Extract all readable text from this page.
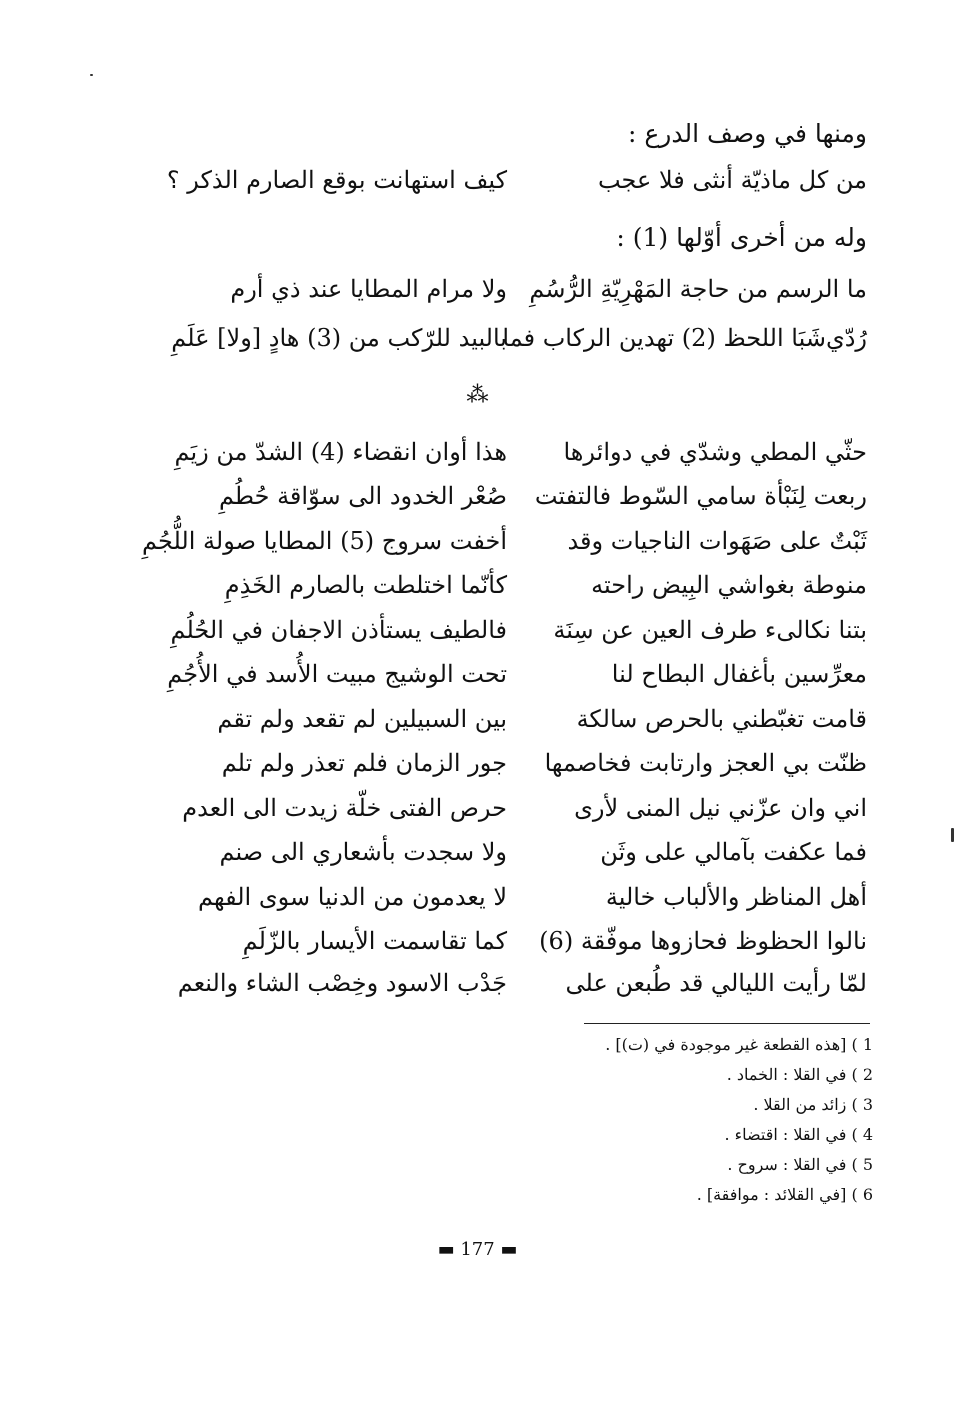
ومنها في وصف الدرع :
من كل ماذيّة أنثى فلا عجب
كيف استهانت بوقع الصارم الذكر ؟
وله من أخرى أوّلها (1) :
ما الرسم من حاجة المَهْرِيّةِ الرُّسُمِ
ولا مرام المطايا عند ذي أرم
رُدّي‌شَبَا اللحظ (2) تهدين الركاب فما
بالبيد للرّكب من (3) هادٍ [ولا] عَلَمِ
⁂
حثّي المطي وشدّي في دوائرها
هذا أوان انقضاء (4) الشدّ من زيَمِ
ربعت لِنَبْأة سامي السّوط فالتفتت
صُعْر الخدود الى سوّاقة حُطُمِ
ثَبْتٌ على صَهَوات الناجيات وقد
أخفت سروج (5) المطايا صولة اللُّجُمِ
منوطة بغواشي البِيض راحته
كأنّما اختلطت بالصارم الخَذِمِ
بتنا نكالىء طرف العين عن سِنَة
فالطيف يستأذن الاجفان في الحُلُمِ
معرِّسين بأغفال البطاح لنا
تحت الوشيج مبيت الأُسد في الأُجُمِ
قامت تغبّطني بالحرص سالكة
بين السبيلين لم تقعد ولم تقم
ظنّت بي العجز وارتابت فخاصمها
جور الزمان فلم تعذر ولم تلم
اني وان عزّني نيل المنى لأرى
حرص الفتى خلّة زيدت الى العدم
فما عكفت بآمالي على وثَن
ولا سجدت بأشعاري الى صنم
أهل المناظر والألباب خالية
لا يعدمون من الدنيا سوى الفهم
نالوا الحظوظ فحازوها موفّقة (6)
كما تقاسمت الأيسار بالزّلَمِ
لمّا رأيت الليالي قد طُبعن على
جَدْب الاسود وخِصْب الشاء والنعم
1 ) [هذه القطعة غير موجودة في (ت)] .
2 ) في القلا : الخماد .
3 ) زائد من القلا .
4 ) في القلا : اقتضاء .
5 ) في القلا : سروح .
6 ) [في القلائد : موافقة] .
▬ 177 ▬
